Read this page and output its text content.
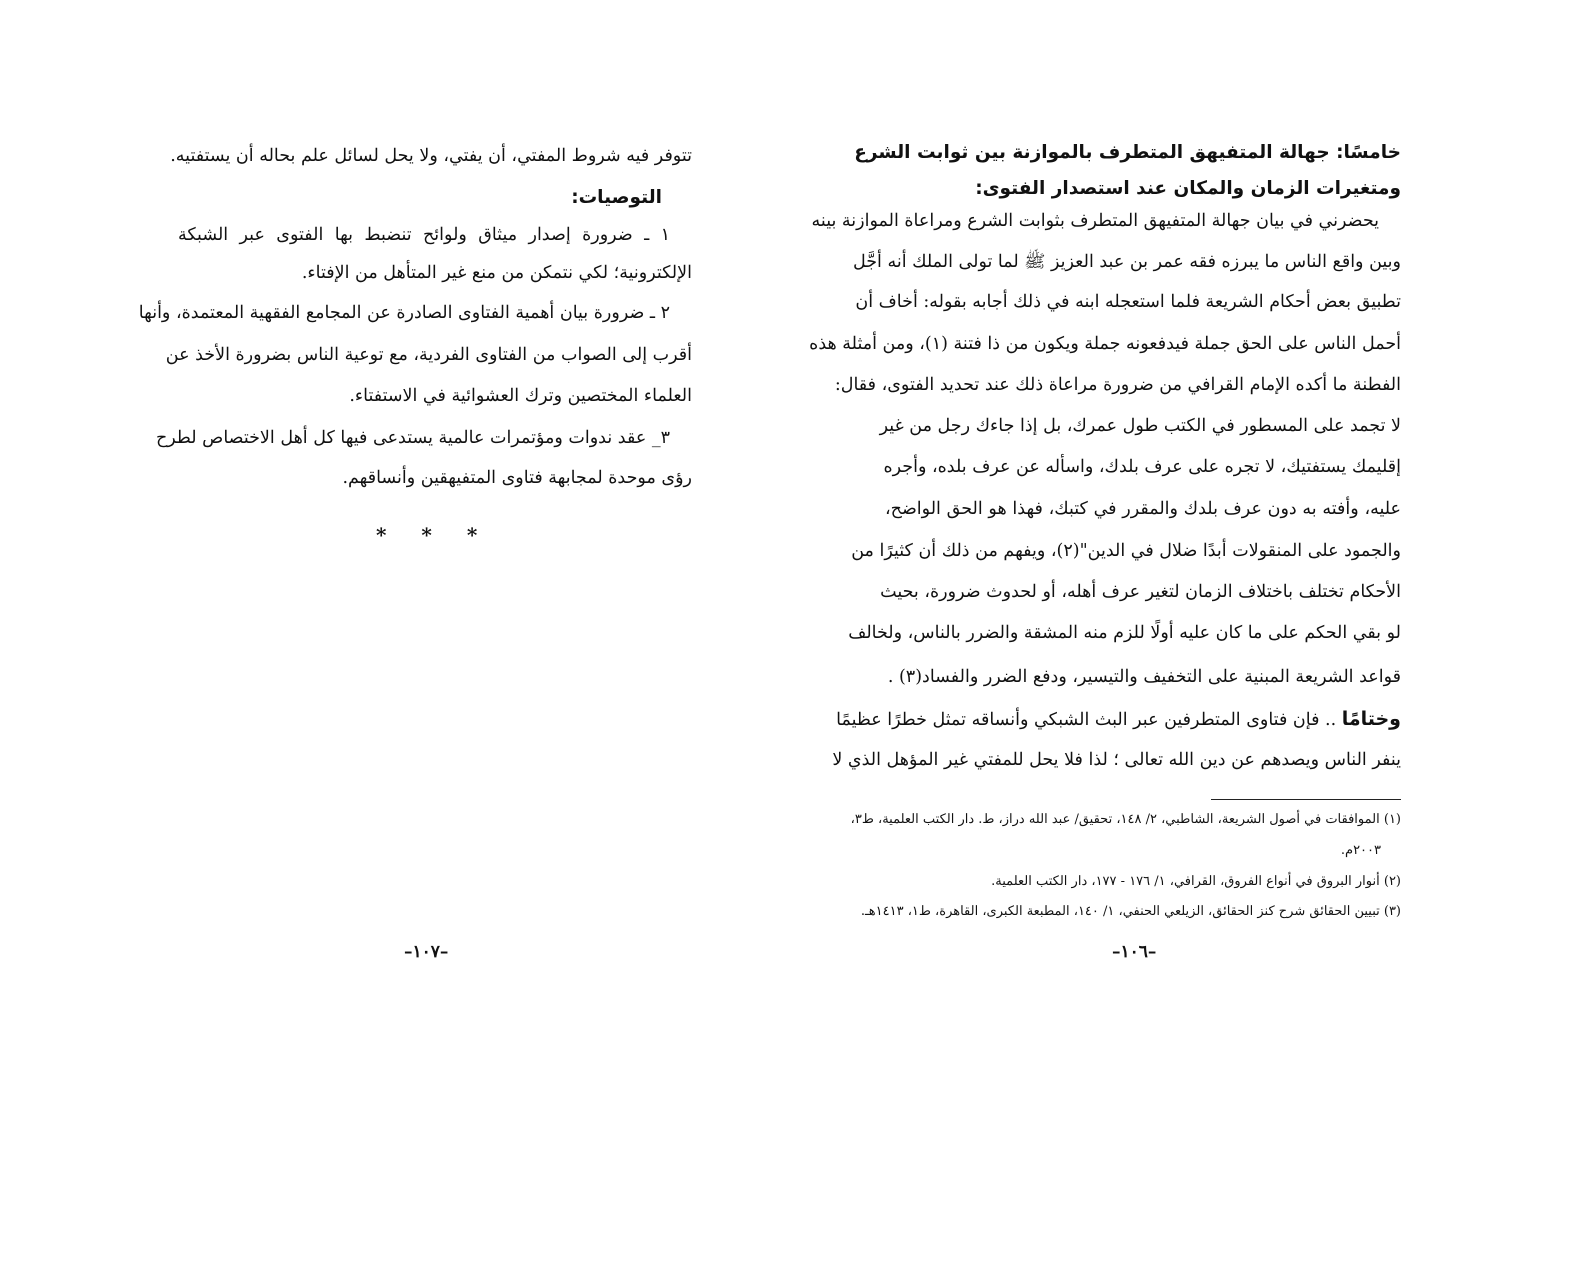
خامسًا: جهالة المتفيهق المتطرف بالموازنة بين ثوابت الشرع
ومتغيرات الزمان والمكان عند استصدار الفتوى:
يحضرني في بيان جهالة المتفيهق المتطرف بثوابت الشرع ومراعاة الموازنة بينه
وبين واقع الناس ما يبرزه فقه عمر بن عبد العزيز ﷺ لما تولى الملك أنه أجَّل
تطبيق بعض أحكام الشريعة فلما استعجله ابنه في ذلك أجابه بقوله: أخاف أن
أحمل الناس على الحق جملة فيدفعونه جملة ويكون من ذا فتنة (١)، ومن أمثلة هذه
الفطنة ما أكده الإمام القرافي من ضرورة مراعاة ذلك عند تحديد الفتوى، فقال:
لا تجمد على المسطور في الكتب طول عمرك، بل إذا جاءك رجل من غير
إقليمك يستفتيك، لا تجره على عرف بلدك، واسأله عن عرف بلده، وأجره
عليه، وأفته به دون عرف بلدك والمقرر في كتبك، فهذا هو الحق الواضح،
والجمود على المنقولات أبدًا ضلال في الدين"(٢)، ويفهم من ذلك أن كثيرًا من
الأحكام تختلف باختلاف الزمان لتغير عرف أهله، أو لحدوث ضرورة، بحيث
لو بقي الحكم على ما كان عليه أولًا للزم منه المشقة والضرر بالناس، ولخالف
قواعد الشريعة المبنية على التخفيف والتيسير، ودفع الضرر والفساد(٣) .
وختامًا .. فإن فتاوى المتطرفين عبر البث الشبكي وأنساقه تمثل خطرًا عظيمًا
ينفر الناس ويصدهم عن دين الله تعالى ؛ لذا فلا يحل للمفتي غير المؤهل الذي لا
(١) الموافقات في أصول الشريعة، الشاطبي، ٢/ ١٤٨، تحقيق/ عبد الله دراز، ط. دار الكتب العلمية، ط٣،
٢٠٠٣م.
(٢) أنوار البروق في أنواع الفروق، القرافي، ١/ ١٧٦ - ١٧٧، دار الكتب العلمية.
(٣) تبيين الحقائق شرح كنز الحقائق، الزيلعي الحنفي، ١/ ١٤٠، المطبعة الكبرى، القاهرة، ط١، ١٤١٣هـ.
–١٠٦–
تتوفر فيه شروط المفتي، أن يفتي، ولا يحل لسائل علم بحاله أن يستفتيه.
التوصيات:
١ ـ ضرورة إصدار ميثاق ولوائح تنضبط بها الفتوى عبر الشبكة
الإلكترونية؛ لكي نتمكن من منع غير المتأهل من الإفتاء.
٢ ـ ضرورة بيان أهمية الفتاوى الصادرة عن المجامع الفقهية المعتمدة، وأنها
أقرب إلى الصواب من الفتاوى الفردية، مع توعية الناس بضرورة الأخذ عن
العلماء المختصين وترك العشوائية في الاستفتاء.
٣_ عقد ندوات ومؤتمرات عالمية يستدعى فيها كل أهل الاختصاص لطرح
رؤى موحدة لمجابهة فتاوى المتفيهقين وأنساقهم.
* * *
–١٠٧–
